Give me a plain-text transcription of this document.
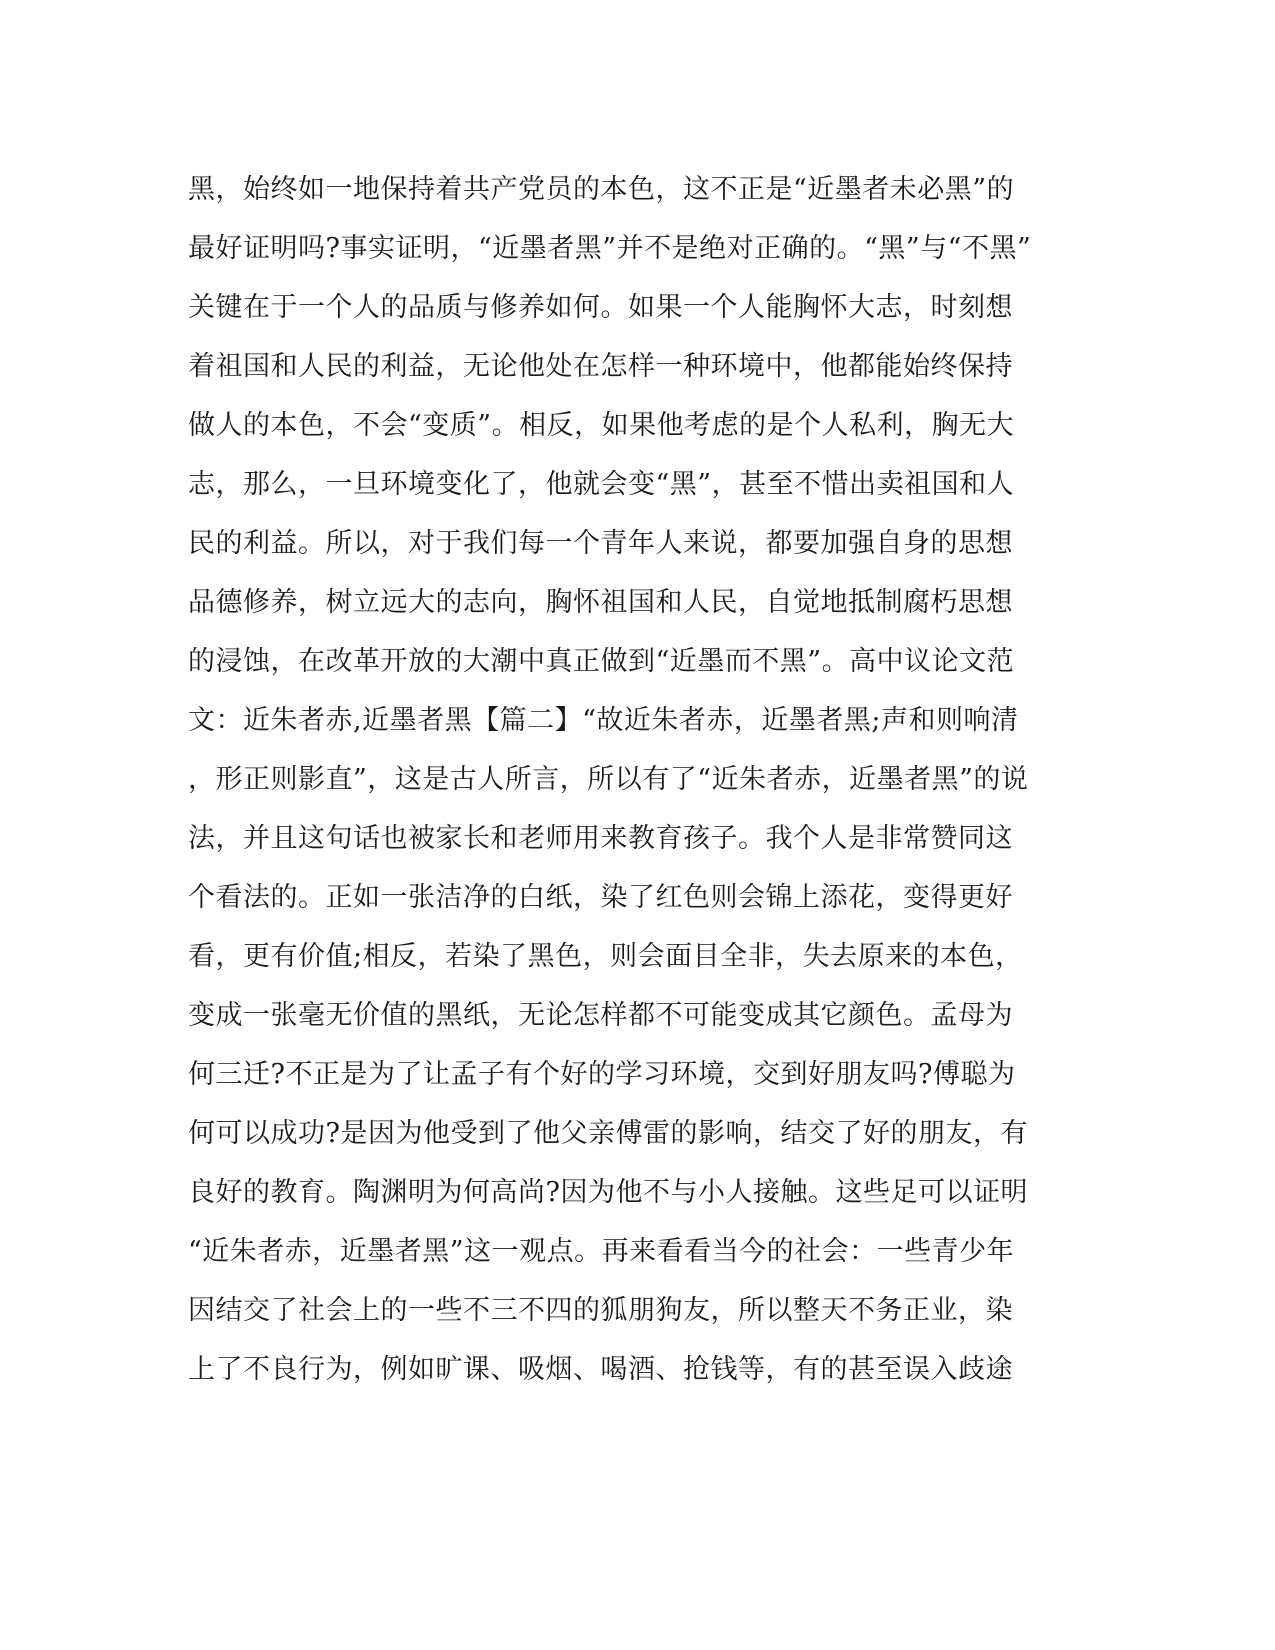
黑，始终如一地保持着共产党员的本色，这不正是“近墨者未必黑”的
最好证明吗?事实证明，“近墨者黑”并不是绝对正确的。“黑”与“不黑”
关键在于一个人的品质与修养如何。如果一个人能胸怀大志，时刻想
着祖国和人民的利益，无论他处在怎样一种环境中，他都能始终保持
做人的本色，不会“变质”。相反，如果他考虑的是个人私利，胸无大
志，那么，一旦环境变化了，他就会变“黑”，甚至不惜出卖祖国和人
民的利益。所以，对于我们每一个青年人来说，都要加强自身的思想
品德修养，树立远大的志向，胸怀祖国和人民，自觉地抵制腐朽思想
的浸蚀，在改革开放的大潮中真正做到“近墨而不黑”。高中议论文范
文：近朱者赤,近墨者黑【篇二】“故近朱者赤，近墨者黑;声和则响清
，形正则影直”，这是古人所言，所以有了“近朱者赤，近墨者黑”的说
法，并且这句话也被家长和老师用来教育孩子。我个人是非常赞同这
个看法的。正如一张洁净的白纸，染了红色则会锦上添花，变得更好
看，更有价值;相反，若染了黑色，则会面目全非，失去原来的本色，
变成一张毫无价值的黑纸，无论怎样都不可能变成其它颜色。孟母为
何三迁?不正是为了让孟子有个好的学习环境，交到好朋友吗?傅聪为
何可以成功?是因为他受到了他父亲傅雷的影响，结交了好的朋友，有
良好的教育。陶渊明为何高尚?因为他不与小人接触。这些足可以证明
“近朱者赤，近墨者黑”这一观点。再来看看当今的社会：一些青少年
因结交了社会上的一些不三不四的狐朋狗友，所以整天不务正业，染
上了不良行为，例如旷课、吸烟、喝酒、抢钱等，有的甚至误入歧途
